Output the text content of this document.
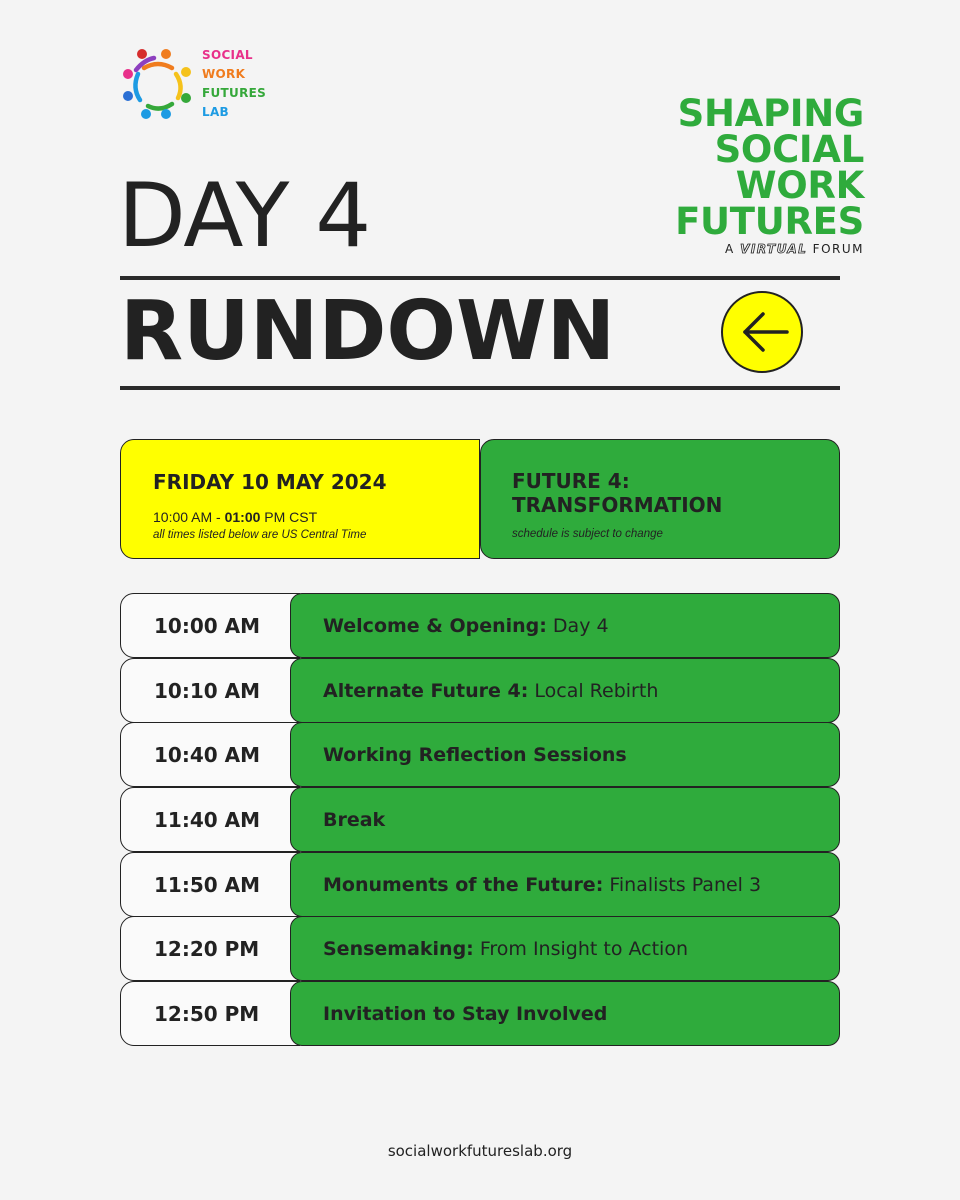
SOCIAL
WORK
FUTURES
LAB	SHAPING
SOCIAL
WORK
FUTURES
A VIRTUAL FORUM
DAY 4
RUNDOWN
FRIDAY 10 MAY 2024
10:00 AM - 01:00 PM CST
all times listed below are US Central Time
FUTURE 4:
TRANSFORMATION
schedule is subject to change
10:00 AM	Welcome & Opening: Day 4
10:10 AM	Alternate Future 4: Local Rebirth
10:40 AM	Working Reflection Sessions
11:40 AM	Break
11:50 AM	Monuments of the Future: Finalists Panel 3
12:20 PM	Sensemaking: From Insight to Action
12:50 PM	Invitation to Stay Involved
socialworkfutureslab.org
